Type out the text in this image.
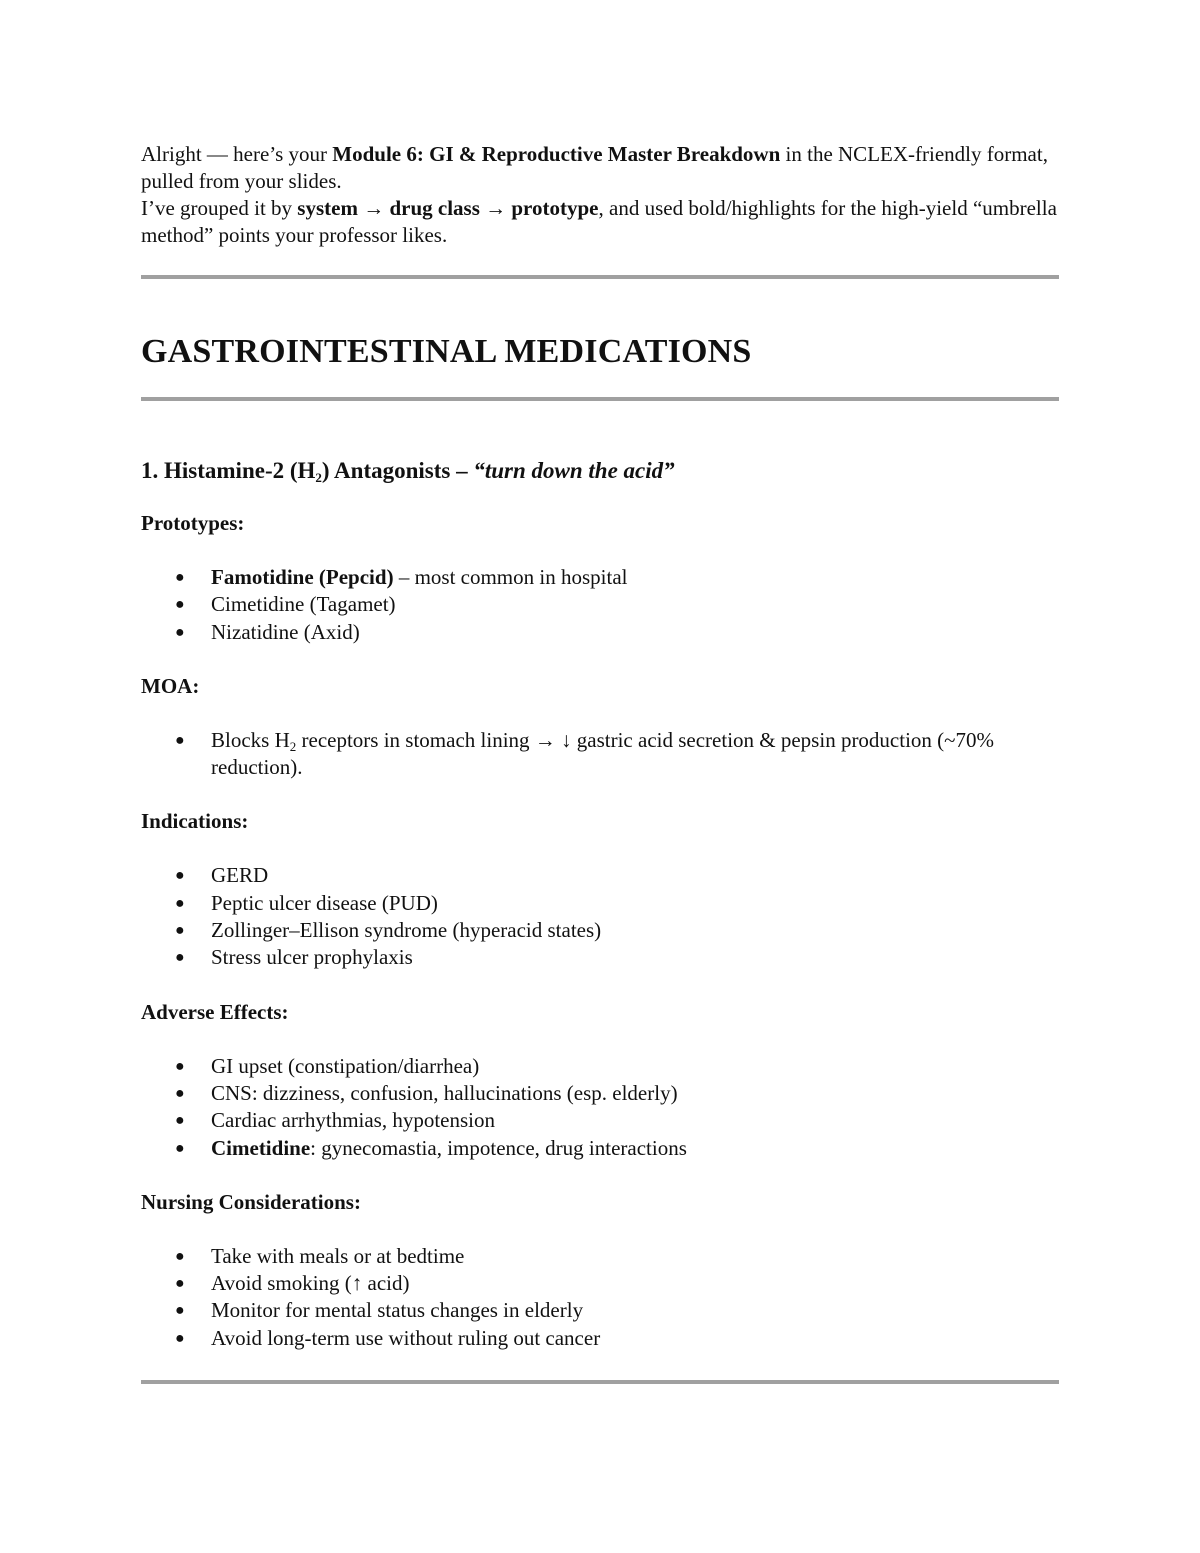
Alright — here’s your Module 6: GI & Reproductive Master Breakdown in the NCLEX-friendly format, pulled from your slides.
I’ve grouped it by system → drug class → prototype, and used bold/highlights for the high-yield “umbrella method” points your professor likes.

GASTROINTESTINAL MEDICATIONS
1. Histamine-2 $(H_2)$ Antagonists – “turn down the acid”

Prototypes:

● Famotidine (Pepcid) – most common in hospital
● Cimetidine (Tagamet)
● Nizatidine (Axid)

MOA:

● Blocks $H_2$ receptors in stomach lining → ↓ gastric acid secretion & pepsin production (~70% reduction).

Indications:

● GERD
● Peptic ulcer disease (PUD)
● Zollinger–Ellison syndrome (hyperacid states)
● Stress ulcer prophylaxis

Adverse Effects:

● GI upset (constipation/diarrhea)
● CNS: dizziness, confusion, hallucinations (esp. elderly)
● Cardiac arrhythmias, hypotension
● Cimetidine: gynecomastia, impotence, drug interactions

Nursing Considerations:

● Take with meals or at bedtime
● Avoid smoking (↑ acid)
● Monitor for mental status changes in elderly
● Avoid long-term use without ruling out cancer
